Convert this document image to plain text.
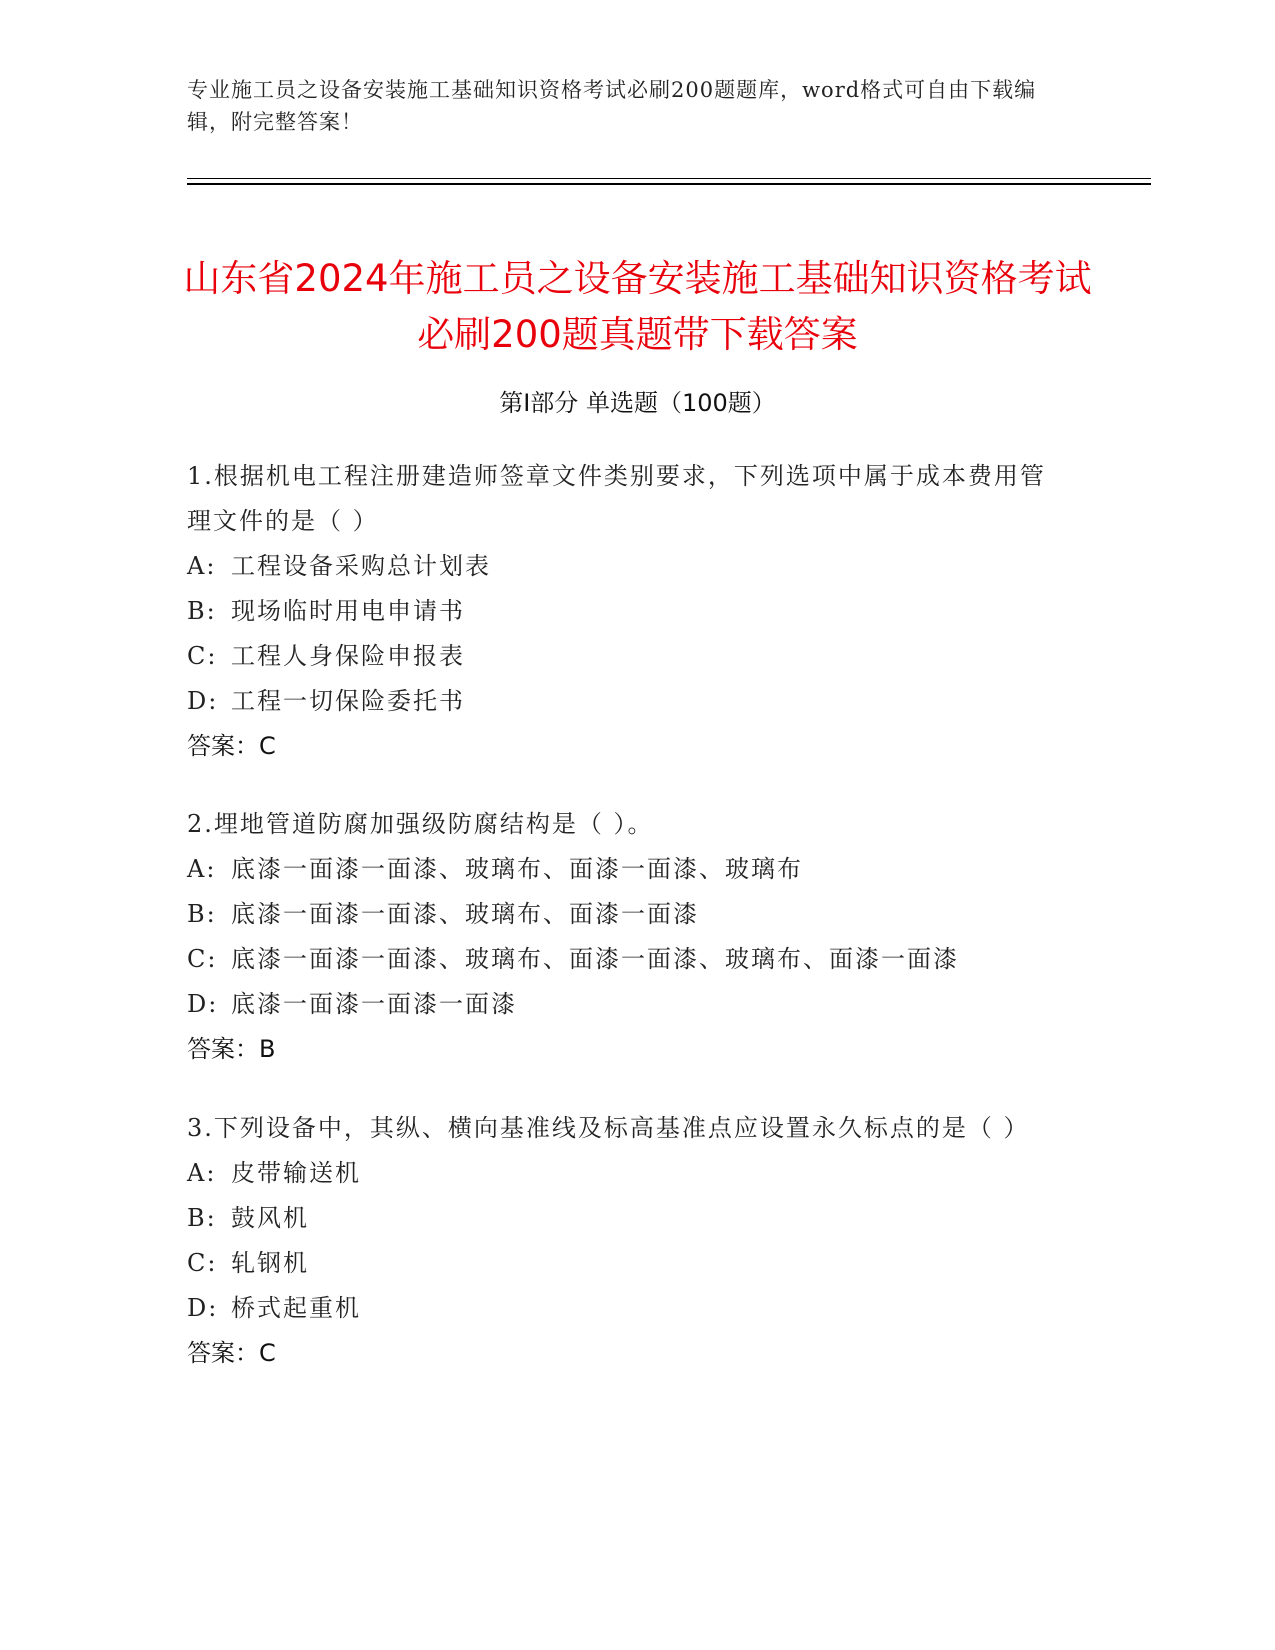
专业施工员之设备安装施工基础知识资格考试必刷200题题库，word格式可自由下载编辑，附完整答案！
山东省2024年施工员之设备安装施工基础知识资格考试必刷200题真题带下载答案
第Ⅰ部分 单选题（100题）
1.根据机电工程注册建造师签章文件类别要求，下列选项中属于成本费用管理文件的是（ ）
A: 工程设备采购总计划表
B: 现场临时用电申请书
C: 工程人身保险申报表
D: 工程一切保险委托书
答案：C
2.埋地管道防腐加强级防腐结构是（ ）。
A: 底漆一面漆一面漆、玻璃布、面漆一面漆、玻璃布
B: 底漆一面漆一面漆、玻璃布、面漆一面漆
C: 底漆一面漆一面漆、玻璃布、面漆一面漆、玻璃布、面漆一面漆
D: 底漆一面漆一面漆一面漆
答案：B
3.下列设备中，其纵、横向基准线及标高基准点应设置永久标点的是（ ）
A: 皮带输送机
B: 鼓风机
C: 轧钢机
D: 桥式起重机
答案：C
